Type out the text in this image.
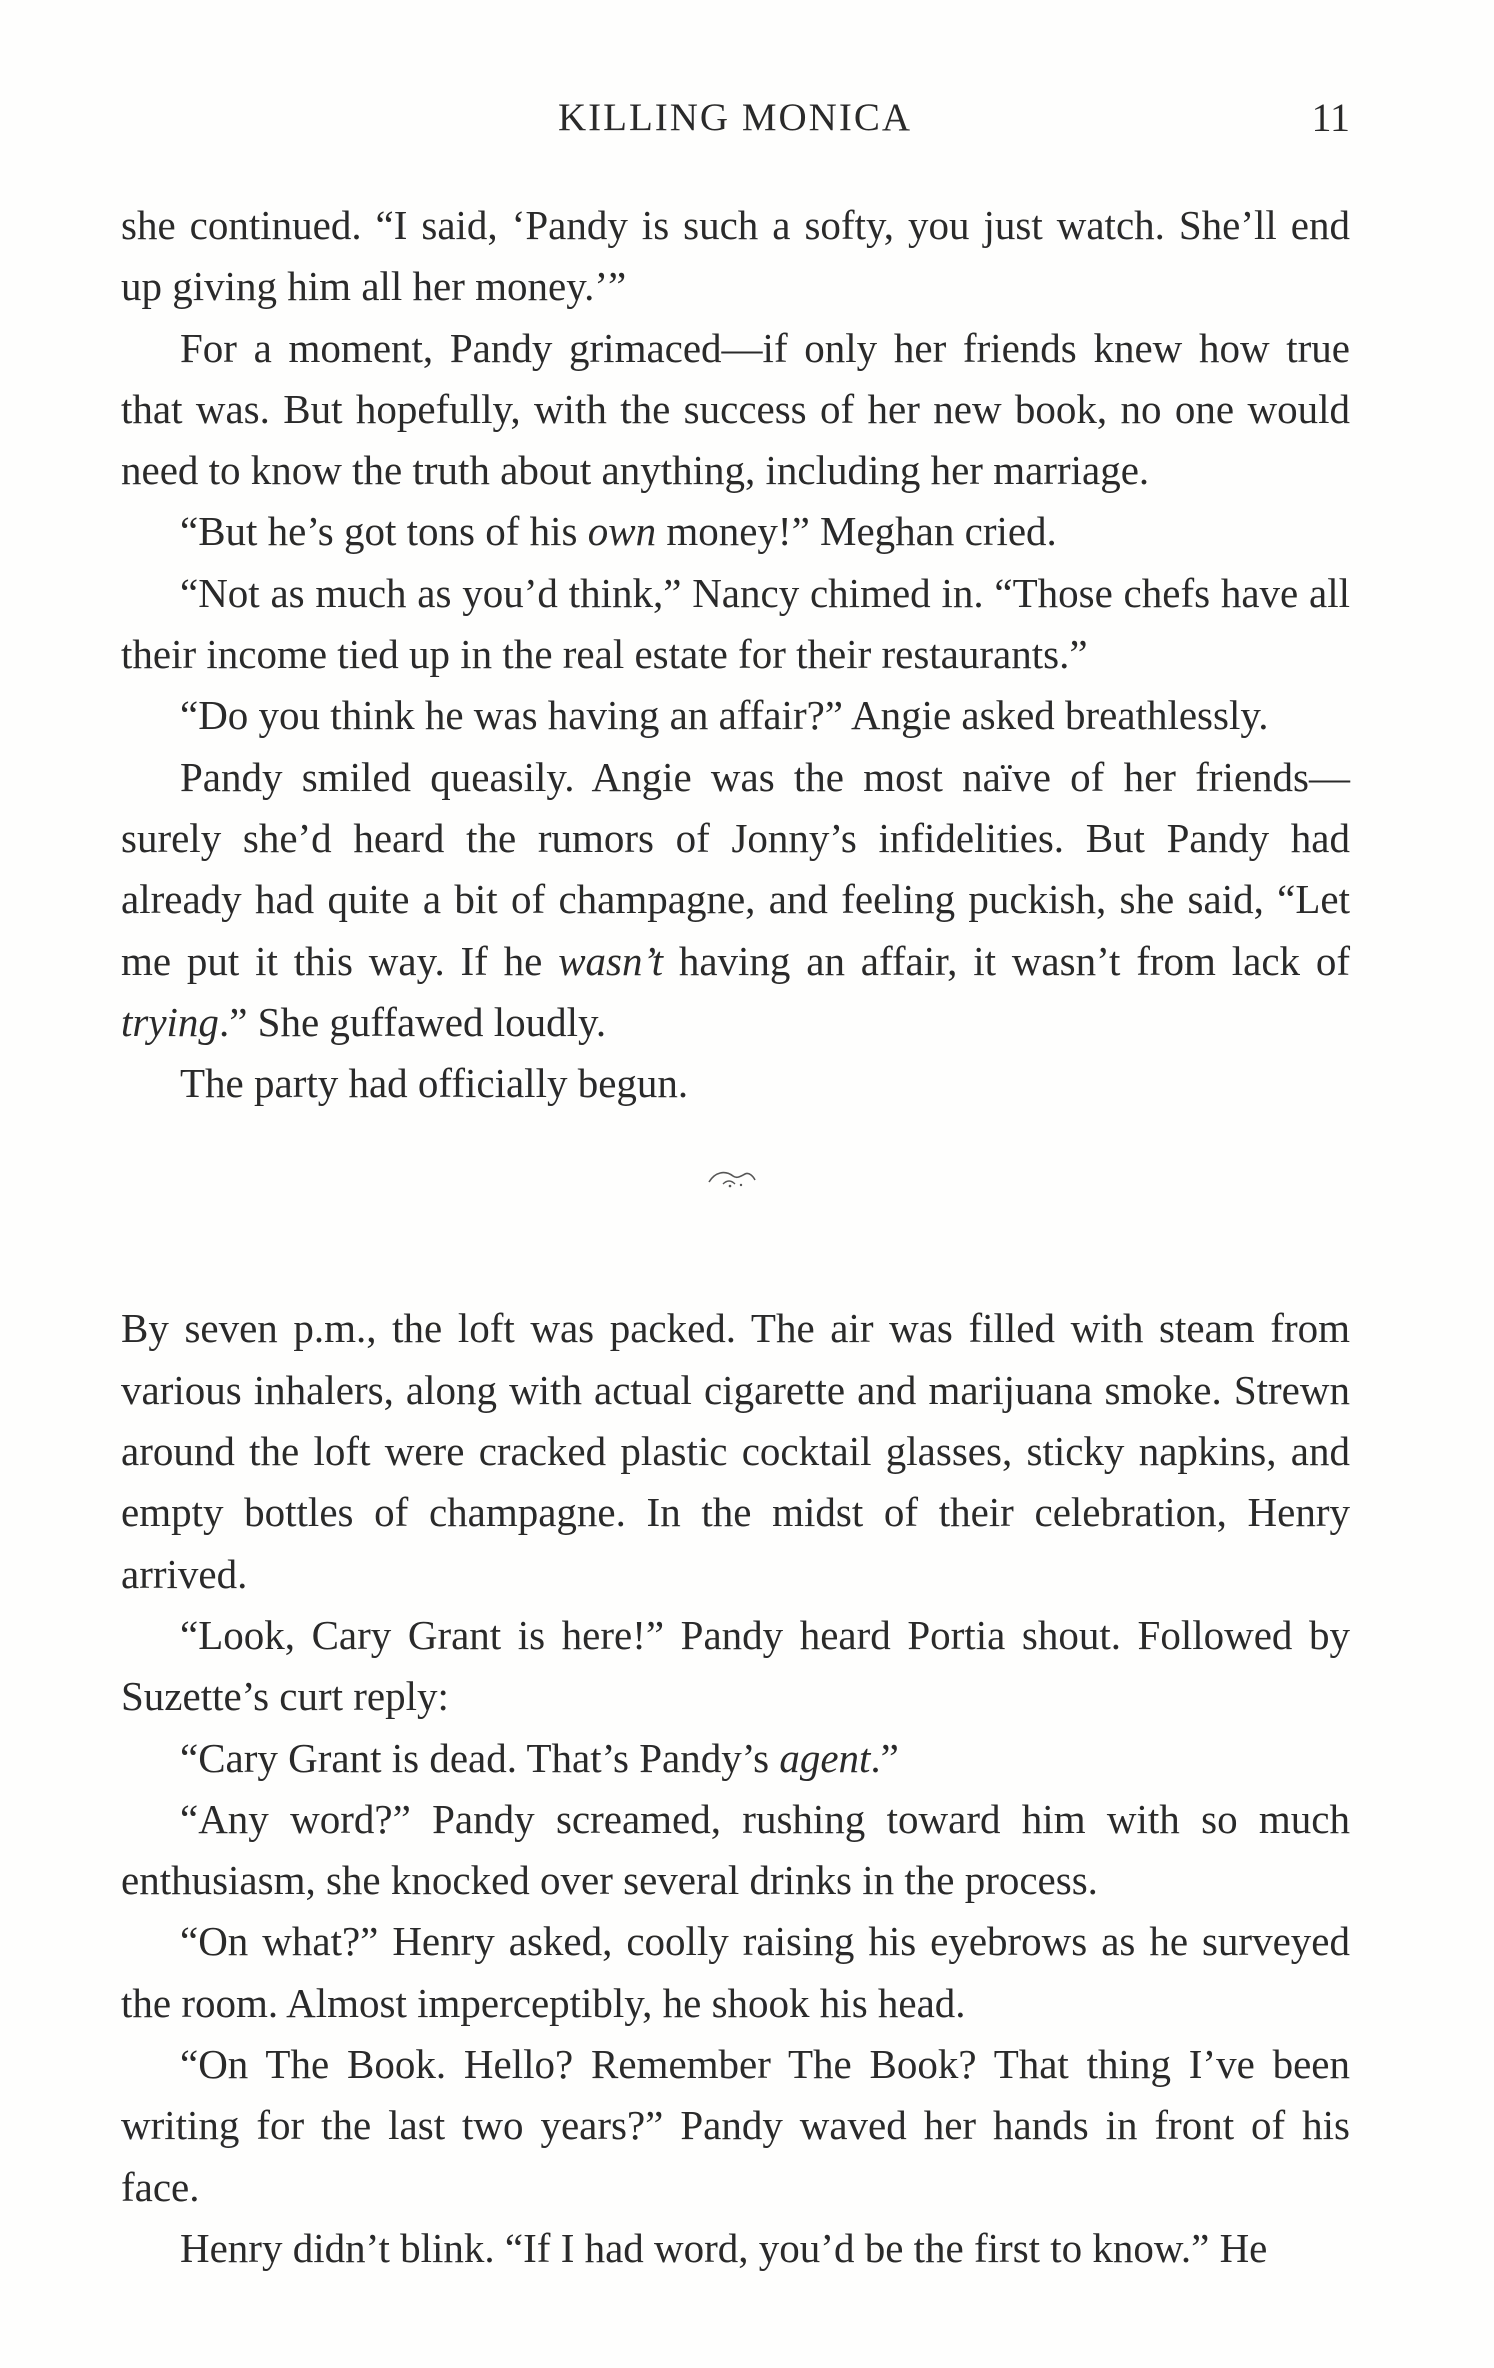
KILLING MONICA	11

she continued. “I said, ‘Pandy is such a softy, you just watch. She’ll end up giving him all her money.’”

For a moment, Pandy grimaced—if only her friends knew how true that was. But hopefully, with the success of her new book, no one would need to know the truth about anything, including her marriage.

“But he’s got tons of his own money!” Meghan cried.

“Not as much as you’d think,” Nancy chimed in. “Those chefs have all their income tied up in the real estate for their restaurants.”

“Do you think he was having an affair?” Angie asked breathlessly.

Pandy smiled queasily. Angie was the most naïve of her friends—surely she’d heard the rumors of Jonny’s infidelities. But Pandy had already had quite a bit of champagne, and feeling puckish, she said, “Let me put it this way. If he wasn’t having an affair, it wasn’t from lack of trying.” She guffawed loudly.

The party had officially begun.

By seven p.m., the loft was packed. The air was filled with steam from various inhalers, along with actual cigarette and marijuana smoke. Strewn around the loft were cracked plastic cocktail glasses, sticky napkins, and empty bottles of champagne. In the midst of their celebration, Henry arrived.

“Look, Cary Grant is here!” Pandy heard Portia shout. Followed by Suzette’s curt reply:

“Cary Grant is dead. That’s Pandy’s agent.”

“Any word?” Pandy screamed, rushing toward him with so much enthusiasm, she knocked over several drinks in the process.

“On what?” Henry asked, coolly raising his eyebrows as he surveyed the room. Almost imperceptibly, he shook his head.

“On The Book. Hello? Remember The Book? That thing I’ve been writing for the last two years?” Pandy waved her hands in front of his face.

Henry didn’t blink. “If I had word, you’d be the first to know.” He
